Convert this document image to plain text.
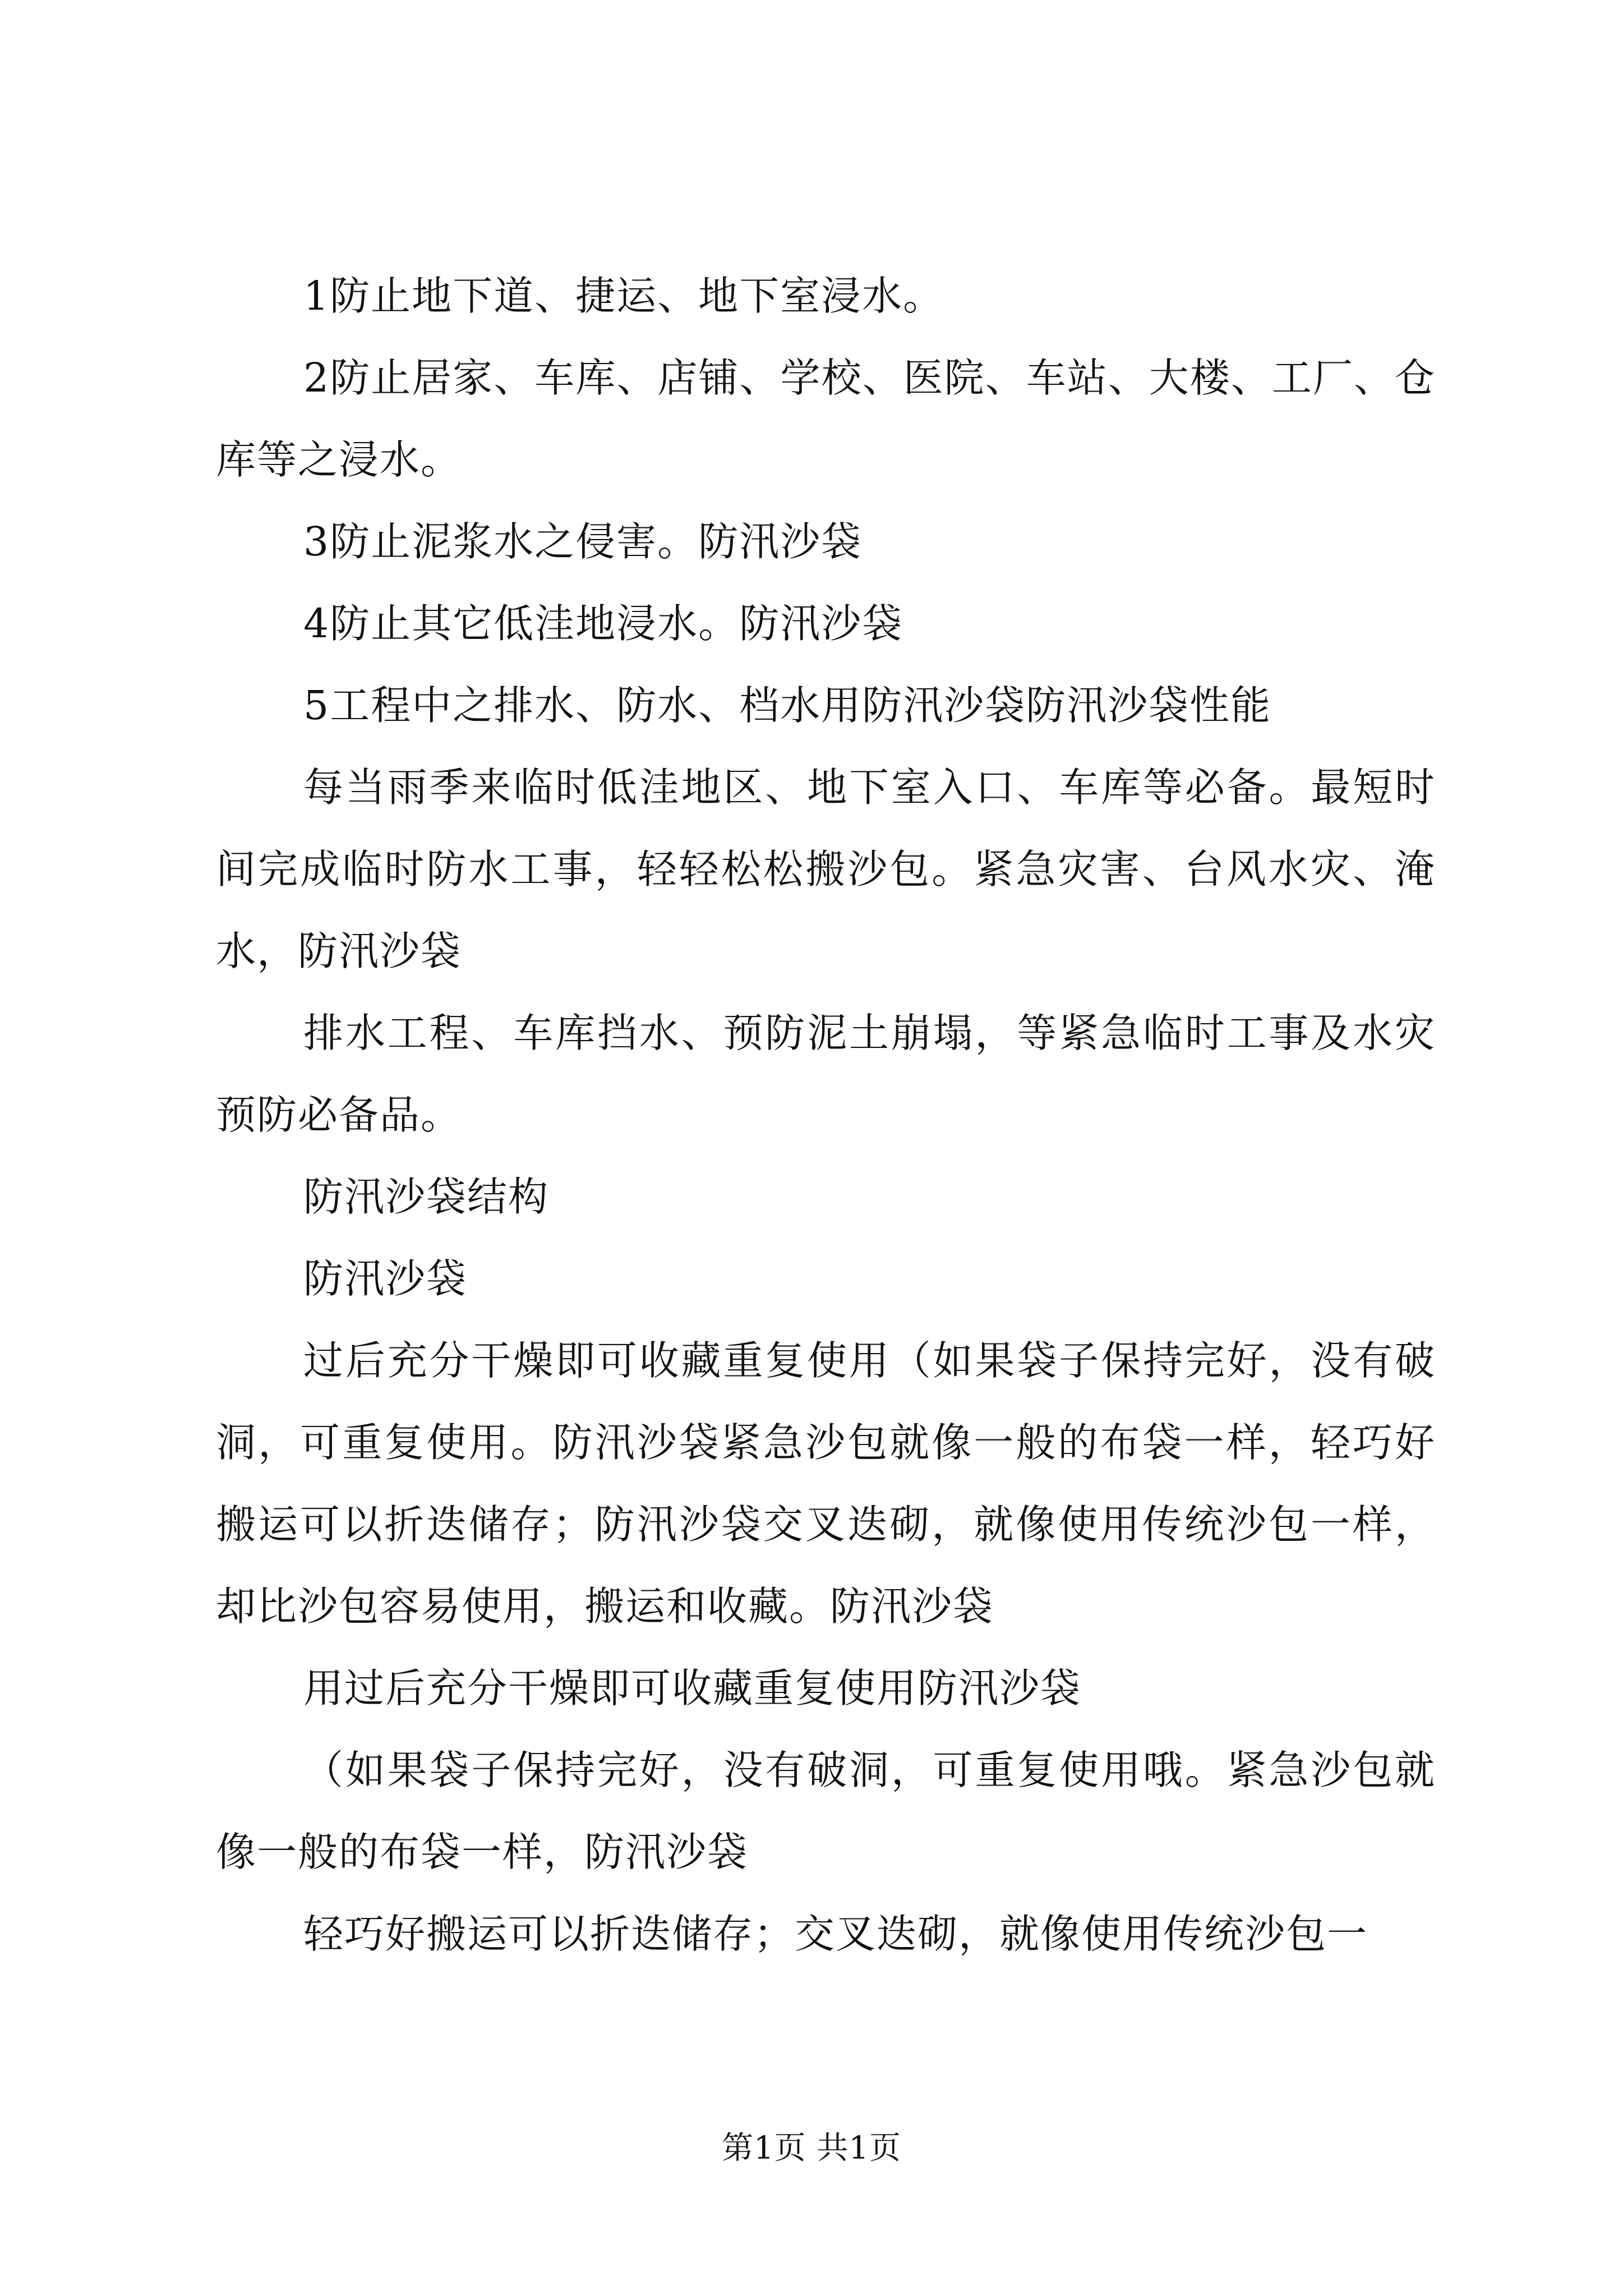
1防止地下道、捷运、地下室浸水。

2防止居家、车库、店铺、学校、医院、车站、大楼、工厂、仓库等之浸水。

3防止泥浆水之侵害。防汛沙袋

4防止其它低洼地浸水。防汛沙袋

5工程中之排水、防水、档水用防汛沙袋防汛沙袋性能

每当雨季来临时低洼地区、地下室入口、车库等必备。最短时间完成临时防水工事，轻轻松松搬沙包。紧急灾害、台风水灾、淹水，防汛沙袋

排水工程、车库挡水、预防泥土崩塌，等紧急临时工事及水灾预防必备品。

防汛沙袋结构

防汛沙袋

过后充分干燥即可收藏重复使用（如果袋子保持完好，没有破洞，可重复使用。防汛沙袋紧急沙包就像一般的布袋一样，轻巧好搬运可以折迭储存；防汛沙袋交叉迭砌，就像使用传统沙包一样，却比沙包容易使用，搬运和收藏。防汛沙袋

用过后充分干燥即可收藏重复使用防汛沙袋

（如果袋子保持完好，没有破洞，可重复使用哦。紧急沙包就像一般的布袋一样，防汛沙袋

轻巧好搬运可以折迭储存；交叉迭砌，就像使用传统沙包一

第1页 共1页
